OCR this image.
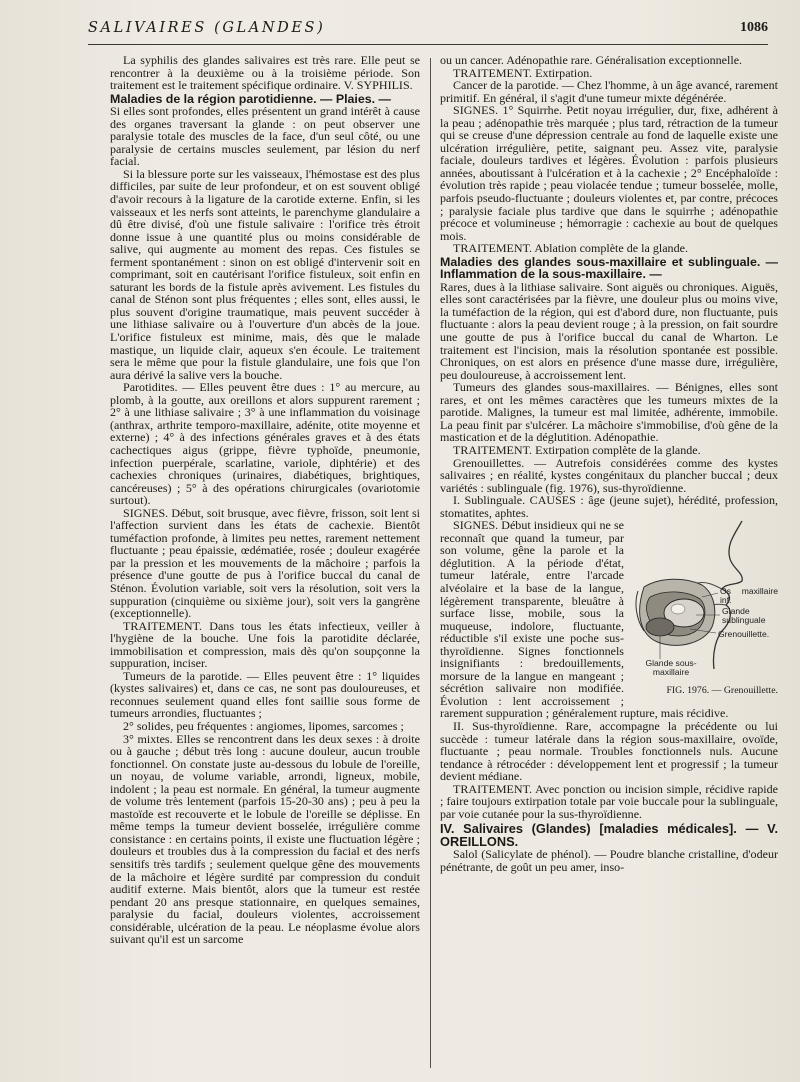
SALIVAIRES (GLANDES)	1086

La syphilis des glandes salivaires est très rare. Elle peut se rencontrer à la deuxième ou à la troisième période. Son traitement est le traitement spécifique ordinaire. V. SYPHILIS.

Maladies de la région parotidienne. — Plaies. —

Si elles sont profondes, elles présentent un grand intérêt à cause des organes traversant la glande : on peut observer une paralysie totale des muscles de la face, d'un seul côté, ou une paralysie de certains muscles seulement, par lésion du nerf facial.

Si la blessure porte sur les vaisseaux, l'hémostase est des plus difficiles, par suite de leur profondeur, et on est souvent obligé d'avoir recours à la ligature de la carotide externe. Enfin, si les vaisseaux et les nerfs sont atteints, le parenchyme glandulaire a dû être divisé, d'où une fistule salivaire : l'orifice très étroit donne issue à une quantité plus ou moins considérable de salive, qui augmente au moment des repas. Ces fistules se ferment spontanément : sinon on est obligé d'intervenir soit en comprimant, soit en cautérisant l'orifice fistuleux, soit enfin en saturant les bords de la fistule après avivement. Les fistules du canal de Sténon sont plus fréquentes ; elles sont, elles aussi, le plus souvent d'origine traumatique, mais peuvent succéder à une lithiase salivaire ou à l'ouverture d'un abcès de la joue. L'orifice fistuleux est minime, mais, dès que le malade mastique, un liquide clair, aqueux s'en écoule. Le traitement sera le même que pour la fistule glandulaire, une fois que l'on aura dérivé la salive vers la bouche.

Parotidites. — Elles peuvent être dues : 1° au mercure, au plomb, à la goutte, aux oreillons et alors suppurent rarement ; 2° à une lithiase salivaire ; 3° à une inflammation du voisinage (anthrax, arthrite temporo-maxillaire, adénite, otite moyenne et externe) ; 4° à des infections générales graves et à des états cachectiques aigus (grippe, fièvre typhoïde, pneumonie, infection puerpérale, scarlatine, variole, diphtérie) et des cachexies chroniques (urinaires, diabétiques, brightiques, cancéreuses) ; 5° à des opérations chirurgicales (ovariotomie surtout).

SIGNES. Début, soit brusque, avec fièvre, frisson, soit lent si l'affection survient dans les états de cachexie. Bientôt tuméfaction profonde, à limites peu nettes, rarement nettement fluctuante ; peau épaissie, œdématiée, rosée ; douleur exagérée par la pression et les mouvements de la mâchoire ; parfois la présence d'une goutte de pus à l'orifice buccal du canal de Sténon. Évolution variable, soit vers la résolution, soit vers la suppuration (cinquième ou sixième jour), soit vers la gangrène (exceptionnelle).

TRAITEMENT. Dans tous les états infectieux, veiller à l'hygiène de la bouche. Une fois la parotidite déclarée, immobilisation et compression, mais dès qu'on soupçonne la suppuration, inciser.

Tumeurs de la parotide. — Elles peuvent être : 1° liquides (kystes salivaires) et, dans ce cas, ne sont pas douloureuses, et reconnues seulement quand elles font saillie sous forme de tumeurs arrondies, fluctuantes ;

2° solides, peu fréquentes : angiomes, lipomes, sarcomes ;

3° mixtes. Elles se rencontrent dans les deux sexes : à droite ou à gauche ; début très long : aucune douleur, aucun trouble fonctionnel. On constate juste au-dessous du lobule de l'oreille, un noyau, de volume variable, arrondi, ligneux, mobile, indolent ; la peau est normale. En général, la tumeur augmente de volume très lentement (parfois 15-20-30 ans) ; peu à peu la mastoïde est recouverte et le lobule de l'oreille se déplisse. En même temps la tumeur devient bosselée, irrégulière comme consistance : en certains points, il existe une fluctuation légère ; douleurs et troubles dus à la compression du facial et des nerfs sensitifs très tardifs ; seulement quelque gêne des mouvements de la mâchoire et légère surdité par compression du conduit auditif externe. Mais bientôt, alors que la tumeur est restée pendant 20 ans presque stationnaire, en quelques semaines, paralysie du facial, douleurs violentes, accroissement considérable, ulcération de la peau. Le néoplasme évolue alors suivant qu'il est un sarcome

ou un cancer. Adénopathie rare. Généralisation exceptionnelle.

TRAITEMENT. Extirpation.

Cancer de la parotide. — Chez l'homme, à un âge avancé, rarement primitif. En général, il s'agit d'une tumeur mixte dégénérée.

SIGNES. 1° Squirrhe. Petit noyau irrégulier, dur, fixe, adhérent à la peau ; adénopathie très marquée ; plus tard, rétraction de la tumeur qui se creuse d'une dépression centrale au fond de laquelle existe une ulcération irrégulière, petite, saignant peu. Assez vite, paralysie faciale, douleurs tardives et légères. Évolution : parfois plusieurs années, aboutissant à l'ulcération et à la cachexie ; 2° Encéphaloïde : évolution très rapide ; peau violacée tendue ; tumeur bosselée, molle, parfois pseudo-fluctuante ; douleurs violentes et, par contre, précoces ; paralysie faciale plus tardive que dans le squirrhe ; adénopathie précoce et volumineuse ; hémorragie : cachexie au bout de quelques mois.

TRAITEMENT. Ablation complète de la glande.

Maladies des glandes sous-maxillaire et sublinguale. — Inflammation de la sous-maxillaire. —

Rares, dues à la lithiase salivaire. Sont aiguës ou chroniques. Aiguës, elles sont caractérisées par la fièvre, une douleur plus ou moins vive, la tuméfaction de la région, qui est d'abord dure, non fluctuante, puis fluctuante : alors la peau devient rouge ; à la pression, on fait sourdre une goutte de pus à l'orifice buccal du canal de Wharton. Le traitement est l'incision, mais la résolution spontanée est possible. Chroniques, on est alors en présence d'une masse dure, irrégulière, peu douloureuse, à accroissement lent.

Tumeurs des glandes sous-maxillaires. — Bénignes, elles sont rares, et ont les mêmes caractères que les tumeurs mixtes de la parotide. Malignes, la tumeur est mal limitée, adhérente, immobile. La peau finit par s'ulcérer. La mâchoire s'immobilise, d'où gêne de la mastication et de la déglutition. Adénopathie.

TRAITEMENT. Extirpation complète de la glande.

Grenouillettes. — Autrefois considérées comme des kystes salivaires ; en réalité, kystes congénitaux du plancher buccal ; deux variétés : sublinguale (fig. 1976), sus-thyroïdienne.

I. Sublinguale. CAUSES : âge (jeune sujet), hérédité, profession, stomatites, aphtes.

Os maxillaire inf.
Glande sublinguale
Grenouillette.
Glande sous-maxillaire
FIG. 1976. — Grenouillette.

SIGNES. Début insidieux qui ne se reconnaît que quand la tumeur, par son volume, gêne la parole et la déglutition. A la période d'état, tumeur latérale, entre l'arcade alvéolaire et la base de la langue, légèrement transparente, bleuâtre à surface lisse, mobile, sous la muqueuse, indolore, fluctuante, réductible s'il existe une poche sus-thyroïdienne. Signes fonctionnels insignifiants : bredouillements, morsure de la langue en mangeant ; sécrétion salivaire non modifiée. Évolution : lent accroissement ; rarement suppuration ; généralement rupture, mais récidive.

II. Sus-thyroïdienne. Rare, accompagne la précédente ou lui succède : tumeur latérale dans la région sous-maxillaire, ovoïde, fluctuante ; peau normale. Troubles fonctionnels nuls. Aucune tendance à rétrocéder : développement lent et progressif ; la tumeur devient médiane.

TRAITEMENT. Avec ponction ou incision simple, récidive rapide ; faire toujours extirpation totale par voie buccale pour la sublinguale, par voie cutanée pour la sus-thyroïdienne.

IV. Salivaires (Glandes) [maladies médicales]. — V. OREILLONS.

Salol (Salicylate de phénol). — Poudre blanche cristalline, d'odeur pénétrante, de goût un peu amer, inso-
